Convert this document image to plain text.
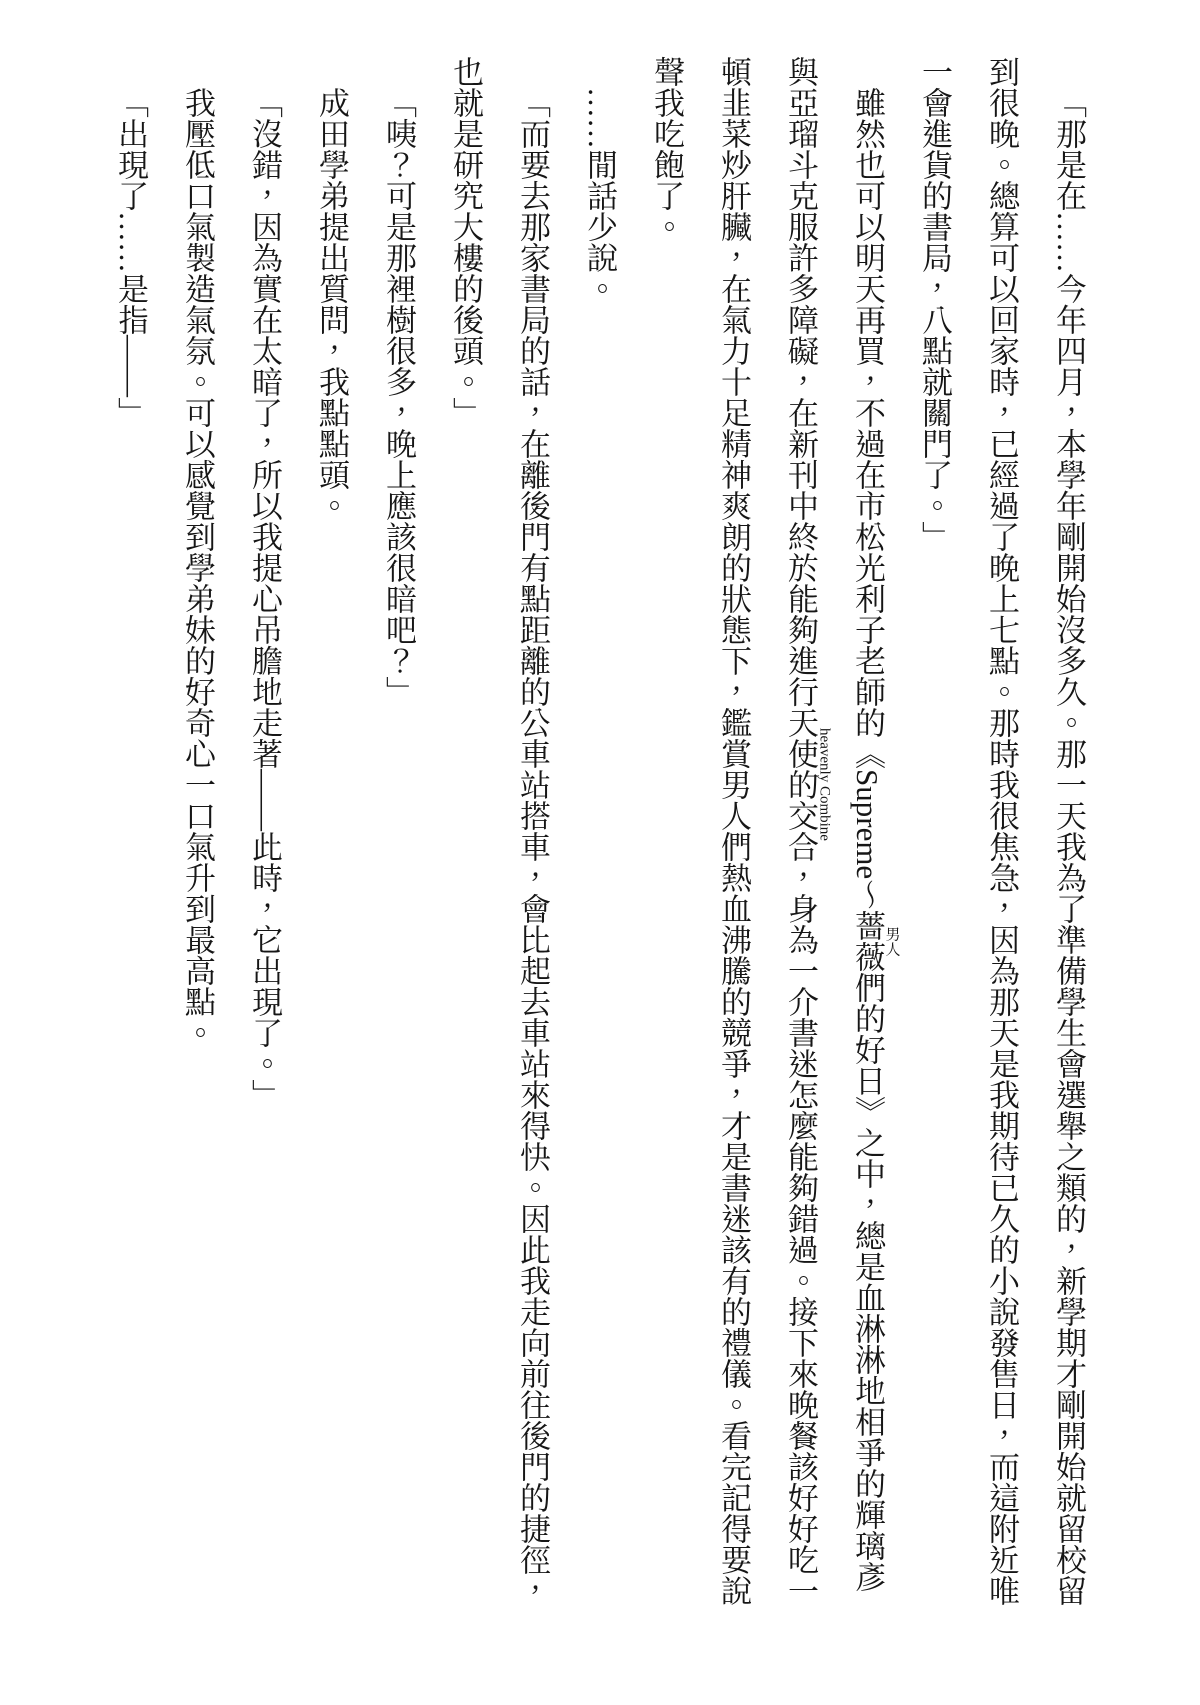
「那是在……今年四月，本學年剛開始沒多久。那一天我為了準備學生會選舉之類的，新學期才剛開始就留校留到很晚。總算可以回家時，已經過了晚上七點。那時我很焦急，因為那天是我期待已久的小說發售日，而這附近唯一會進貨的書局，八點就關門了。」

雖然也可以明天再買，不過在市松光利子老師的《Supreme～薔薇男人們的好日》之中，總是血淋淋地相爭的輝璃彥與亞瑠斗克服許多障礙，在新刊中終於能夠進行天使的交合heavenly Combine，身為一介書迷怎麼能夠錯過。接下來晚餐該好好吃一頓韭菜炒肝臟，在氣力十足精神爽朗的狀態下，鑑賞男人們熱血沸騰的競爭，才是書迷該有的禮儀。看完記得要說聲我吃飽了。

……閒話少說。

「而要去那家書局的話，在離後門有點距離的公車站搭車，會比起去車站來得快。因此我走向前往後門的捷徑，也就是研究大樓的後頭。」

「咦？可是那裡樹很多，晚上應該很暗吧？」

成田學弟提出質問，我點點頭。

「沒錯，因為實在太暗了，所以我提心吊膽地走著——此時，它出現了。」

我壓低口氣製造氣氛。可以感覺到學弟妹的好奇心一口氣升到最高點。

「出現了……是指——」
